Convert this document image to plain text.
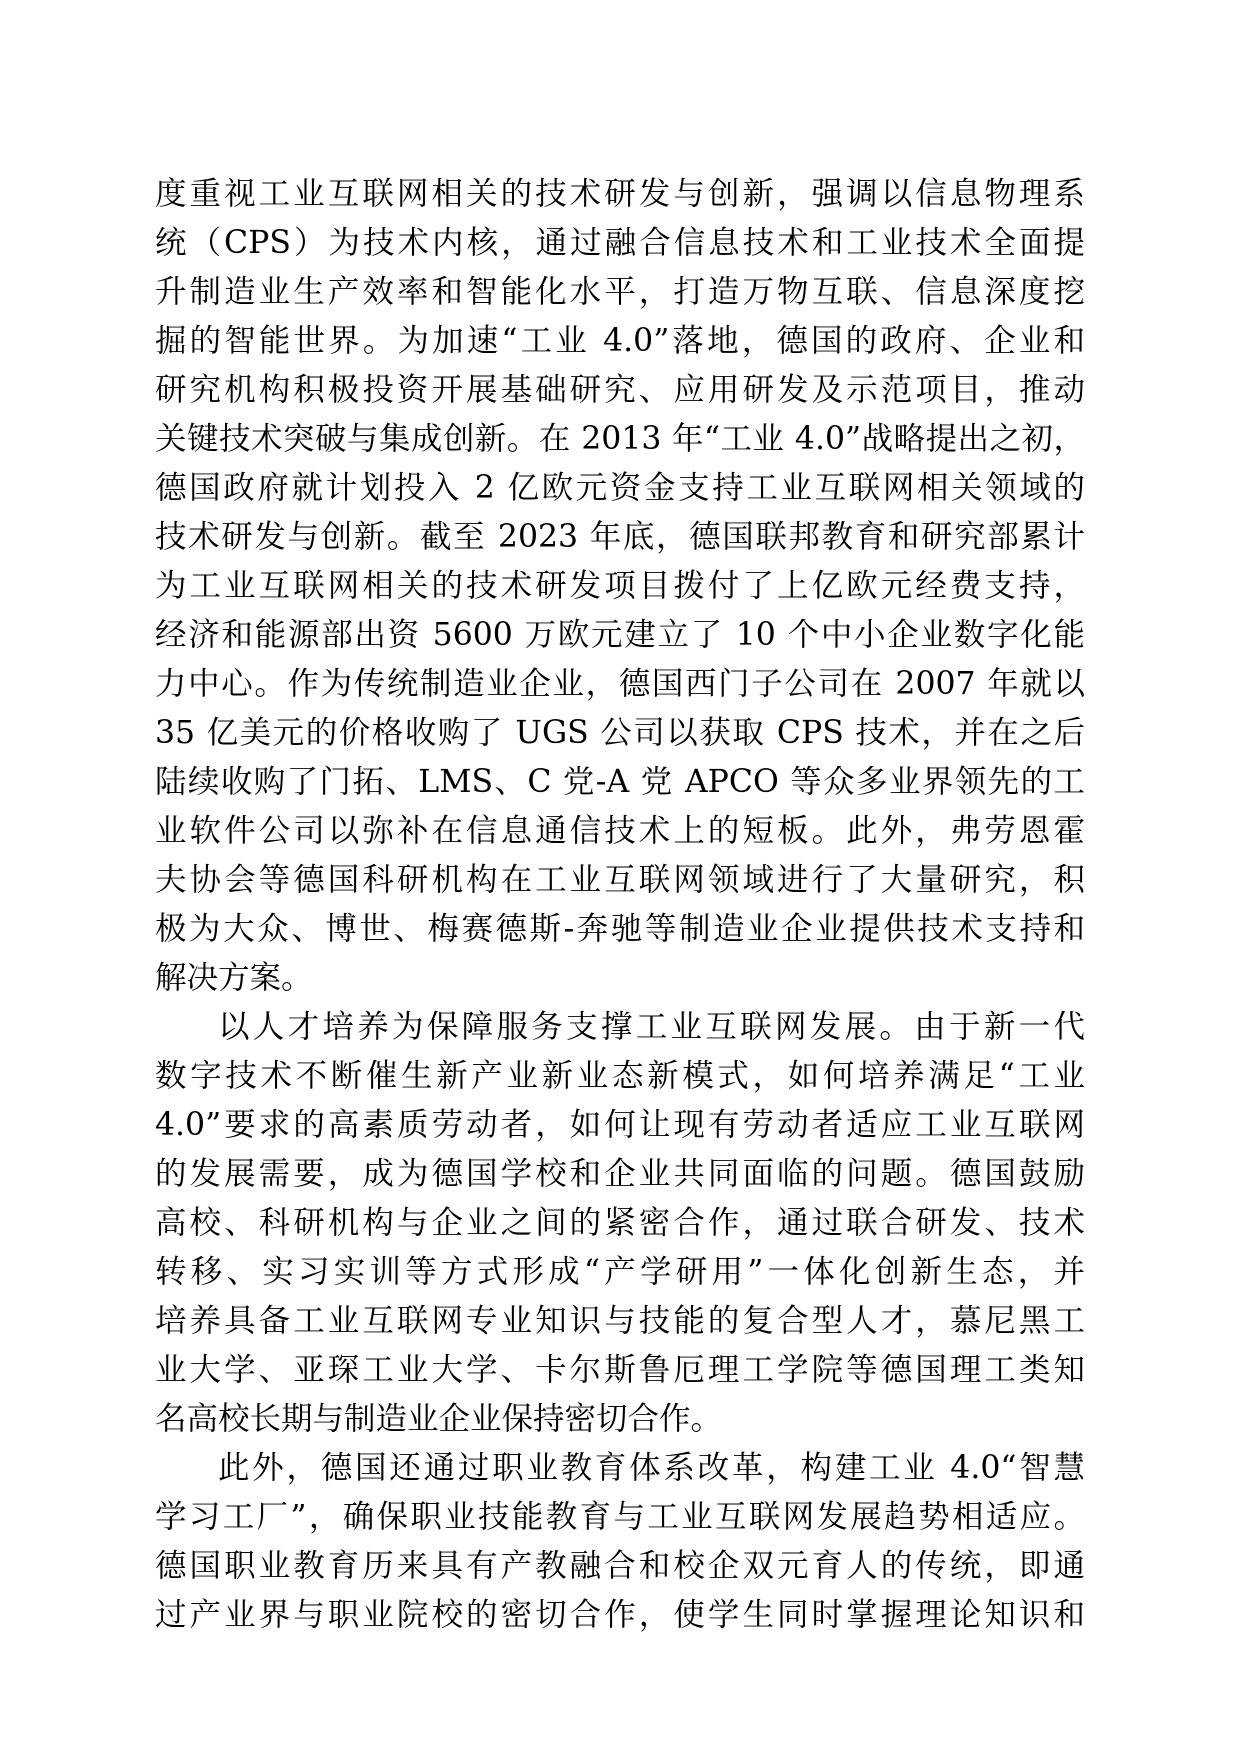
度重视工业互联网相关的技术研发与创新，强调以信息物理系
统（CPS）为技术内核，通过融合信息技术和工业技术全面提
升制造业生产效率和智能化水平，打造万物互联、信息深度挖
掘的智能世界。为加速“工业 4.0”落地，德国的政府、企业和
研究机构积极投资开展基础研究、应用研发及示范项目，推动
关键技术突破与集成创新。在 2013 年“工业 4.0”战略提出之初，
德国政府就计划投入 2 亿欧元资金支持工业互联网相关领域的
技术研发与创新。截至 2023 年底，德国联邦教育和研究部累计
为工业互联网相关的技术研发项目拨付了上亿欧元经费支持，
经济和能源部出资 5600 万欧元建立了 10 个中小企业数字化能
力中心。作为传统制造业企业，德国西门子公司在 2007 年就以
35 亿美元的价格收购了 UGS 公司以获取 CPS 技术，并在之后
陆续收购了门拓、LMS、C 党-A 党 APCO 等众多业界领先的工
业软件公司以弥补在信息通信技术上的短板。此外，弗劳恩霍
夫协会等德国科研机构在工业互联网领域进行了大量研究，积
极为大众、博世、梅赛德斯-奔驰等制造业企业提供技术支持和
解决方案。
以人才培养为保障服务支撑工业互联网发展。由于新一代
数字技术不断催生新产业新业态新模式，如何培养满足“工业
4.0”要求的高素质劳动者，如何让现有劳动者适应工业互联网
的发展需要，成为德国学校和企业共同面临的问题。德国鼓励
高校、科研机构与企业之间的紧密合作，通过联合研发、技术
转移、实习实训等方式形成“产学研用”一体化创新生态，并
培养具备工业互联网专业知识与技能的复合型人才，慕尼黑工
业大学、亚琛工业大学、卡尔斯鲁厄理工学院等德国理工类知
名高校长期与制造业企业保持密切合作。
此外，德国还通过职业教育体系改革，构建工业 4.0“智慧
学习工厂”，确保职业技能教育与工业互联网发展趋势相适应。
德国职业教育历来具有产教融合和校企双元育人的传统，即通
过产业界与职业院校的密切合作，使学生同时掌握理论知识和
